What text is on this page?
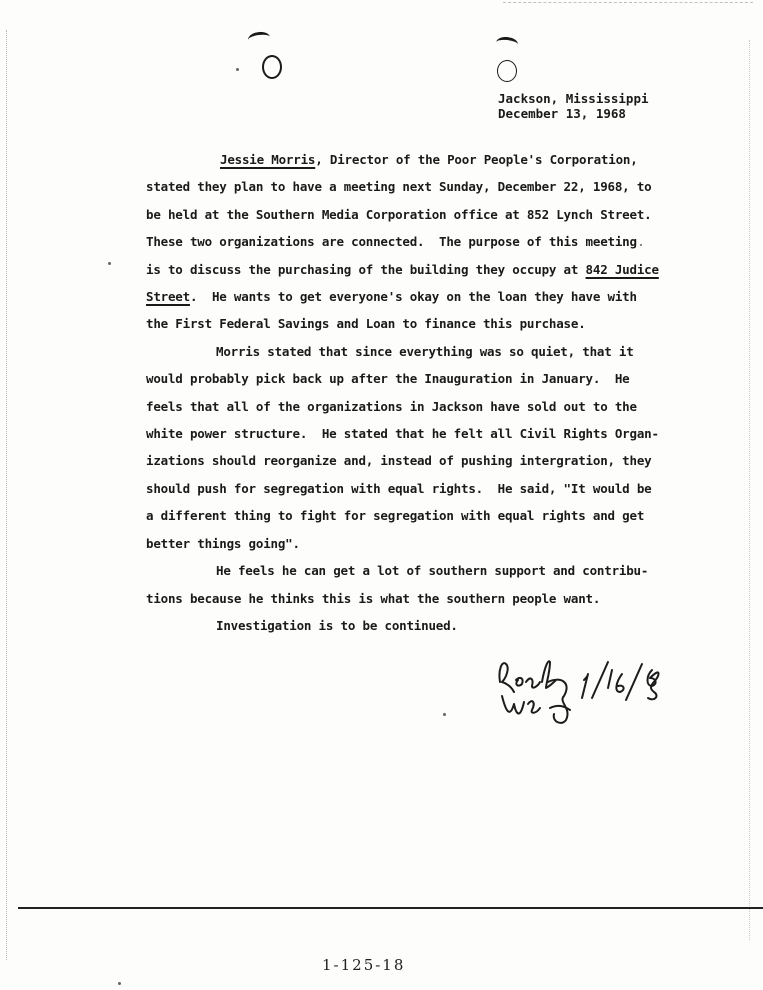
Jackson, Mississippi
December 13, 1968
Jessie Morris, Director of the Poor People's Corporation,
stated they plan to have a meeting next Sunday, December 22, 1968, to
be held at the Southern Media Corporation office at 852 Lynch Street.
These two organizations are connected.  The purpose of this meeting
is to discuss the purchasing of the building they occupy at 842 Judice
Street.  He wants to get everyone's okay on the loan they have with
the First Federal Savings and Loan to finance this purchase.
Morris stated that since everything was so quiet, that it
would probably pick back up after the Inauguration in January.  He
feels that all of the organizations in Jackson have sold out to the
white power structure.  He stated that he felt all Civil Rights Organ-
izations should reorganize and, instead of pushing intergration, they
should push for segregation with equal rights.  He said, "It would be
a different thing to fight for segregation with equal rights and get
better things going".
He feels he can get a lot of southern support and contribu-
tions because he thinks this is what the southern people want.
Investigation is to be continued.
1-125-18
